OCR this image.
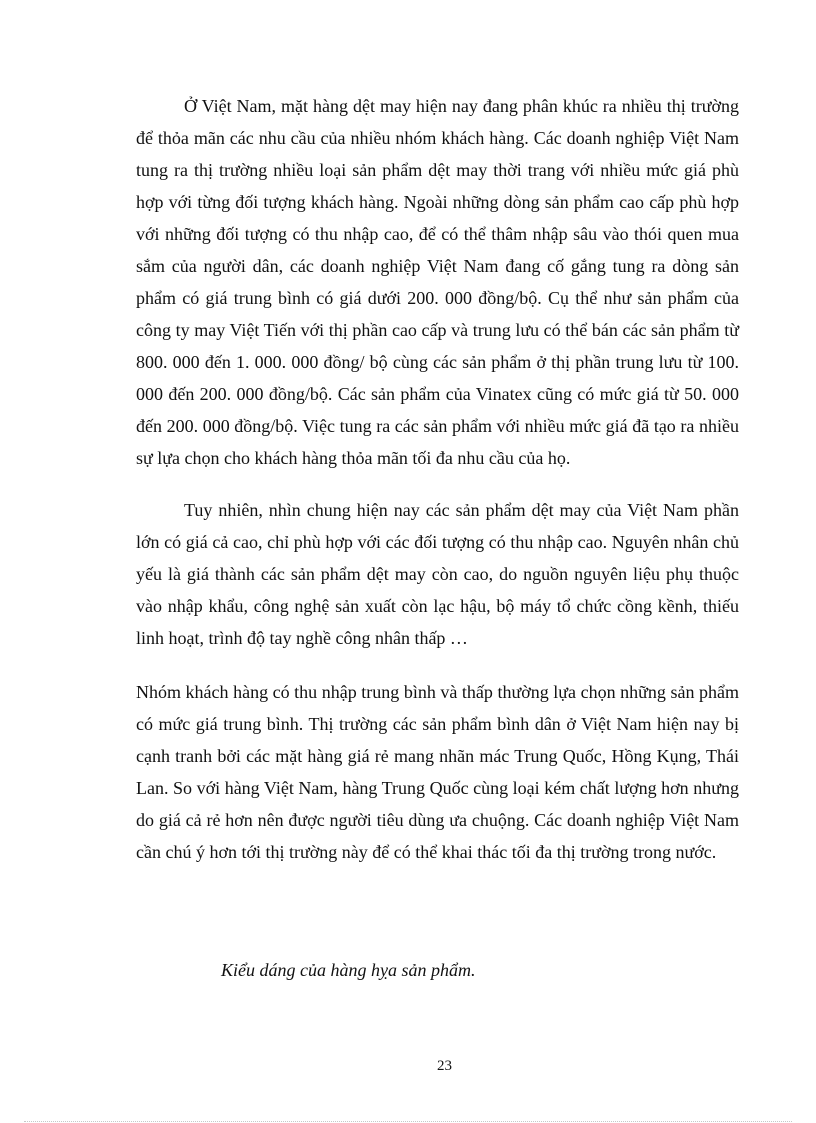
Ở Việt Nam, mặt hàng dệt may hiện nay đang phân khúc ra nhiều thị trường để thỏa mãn các nhu cầu của nhiều nhóm khách hàng. Các doanh nghiệp Việt Nam tung ra thị trường nhiều loại sản phẩm dệt may thời trang với nhiều mức giá phù hợp với từng đối tượng khách hàng. Ngoài những dòng sản phẩm cao cấp phù hợp với những đối tượng có thu nhập cao, để có thể thâm nhập sâu vào thói quen mua sắm của người dân, các doanh nghiệp Việt Nam đang cố gắng tung ra dòng sản phẩm có giá trung bình có giá dưới 200. 000 đồng/bộ. Cụ thể như sản phẩm của công ty may Việt Tiến với thị phần cao cấp và trung lưu có thể bán các sản phẩm từ 800. 000 đến 1. 000. 000 đồng/ bộ cùng các sản phẩm ở thị phần trung lưu từ 100. 000 đến 200. 000 đồng/bộ. Các sản phẩm của Vinatex cũng có mức giá từ 50. 000 đến 200. 000 đồng/bộ. Việc tung ra các sản phẩm với nhiều mức giá đã tạo ra nhiều sự lựa chọn cho khách hàng thỏa mãn tối đa nhu cầu của họ.

Tuy nhiên, nhìn chung hiện nay các sản phẩm dệt may của Việt Nam phần lớn có giá cả cao, chỉ phù hợp với các đối tượng có thu nhập cao. Nguyên nhân chủ yếu là giá thành các sản phẩm dệt may còn cao, do nguồn nguyên liệu phụ thuộc vào nhập khẩu, công nghệ sản xuất còn lạc hậu, bộ máy tổ chức cồng kềnh, thiếu linh hoạt, trình độ tay nghề công nhân thấp …

Nhóm khách hàng có thu nhập trung bình và thấp thường lựa chọn những sản phẩm có mức giá trung bình. Thị trường các sản phẩm bình dân ở Việt Nam hiện nay bị cạnh tranh bởi các mặt hàng giá rẻ mang nhãn mác Trung Quốc, Hồng Kụng, Thái Lan. So với hàng Việt Nam, hàng Trung Quốc cùng loại kém chất lượng hơn nhưng do giá cả rẻ hơn nên được người tiêu dùng ưa chuộng. Các doanh nghiệp Việt Nam cần chú ý hơn tới thị trường này để có thể khai thác tối đa thị trường trong nước.

Kiểu dáng của hàng hỵa sản phẩm.

23
